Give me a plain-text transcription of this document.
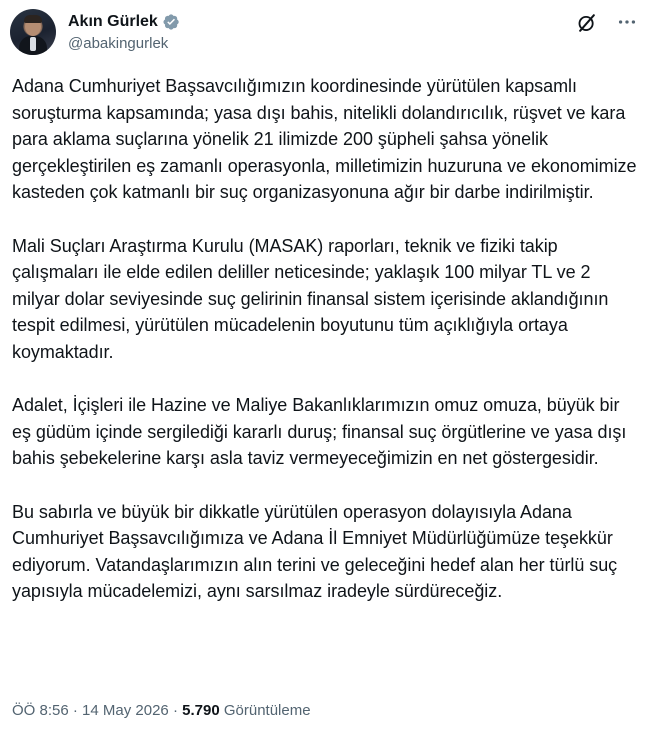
Akın Gürlek
@abakingurlek

Adana Cumhuriyet Başsavcılığımızın koordinesinde yürütülen kapsamlı soruşturma kapsamında; yasa dışı bahis, nitelikli dolandırıcılık, rüşvet ve kara para aklama suçlarına yönelik 21 ilimizde 200 şüpheli şahsa yönelik gerçekleştirilen eş zamanlı operasyonla, milletimizin huzuruna ve ekonomimize kasteden çok katmanlı bir suç organizasyonuna ağır bir darbe indirilmiştir.

Mali Suçları Araştırma Kurulu (MASAK) raporları, teknik ve fiziki takip çalışmaları ile elde edilen deliller neticesinde; yaklaşık 100 milyar TL ve 2 milyar dolar seviyesinde suç gelirinin finansal sistem içerisinde aklandığının tespit edilmesi, yürütülen mücadelenin boyutunu tüm açıklığıyla ortaya koymaktadır.

Adalet, İçişleri ile Hazine ve Maliye Bakanlıklarımızın omuz omuza, büyük bir eş güdüm içinde sergilediği kararlı duruş; finansal suç örgütlerine ve yasa dışı bahis şebekelerine karşı asla taviz vermeyeceğimizin en net göstergesidir.

Bu sabırla ve büyük bir dikkatle yürütülen operasyon dolayısıyla Adana Cumhuriyet Başsavcılığımıza ve Adana İl Emniyet Müdürlüğümüze teşekkür ediyorum. Vatandaşlarımızın alın terini ve geleceğini hedef alan her türlü suç yapısıyla mücadelemizi, aynı sarsılmaz iradeyle sürdüreceğiz.

ÖÖ 8:56 · 14 May 2026 · 5.790 Görüntüleme
